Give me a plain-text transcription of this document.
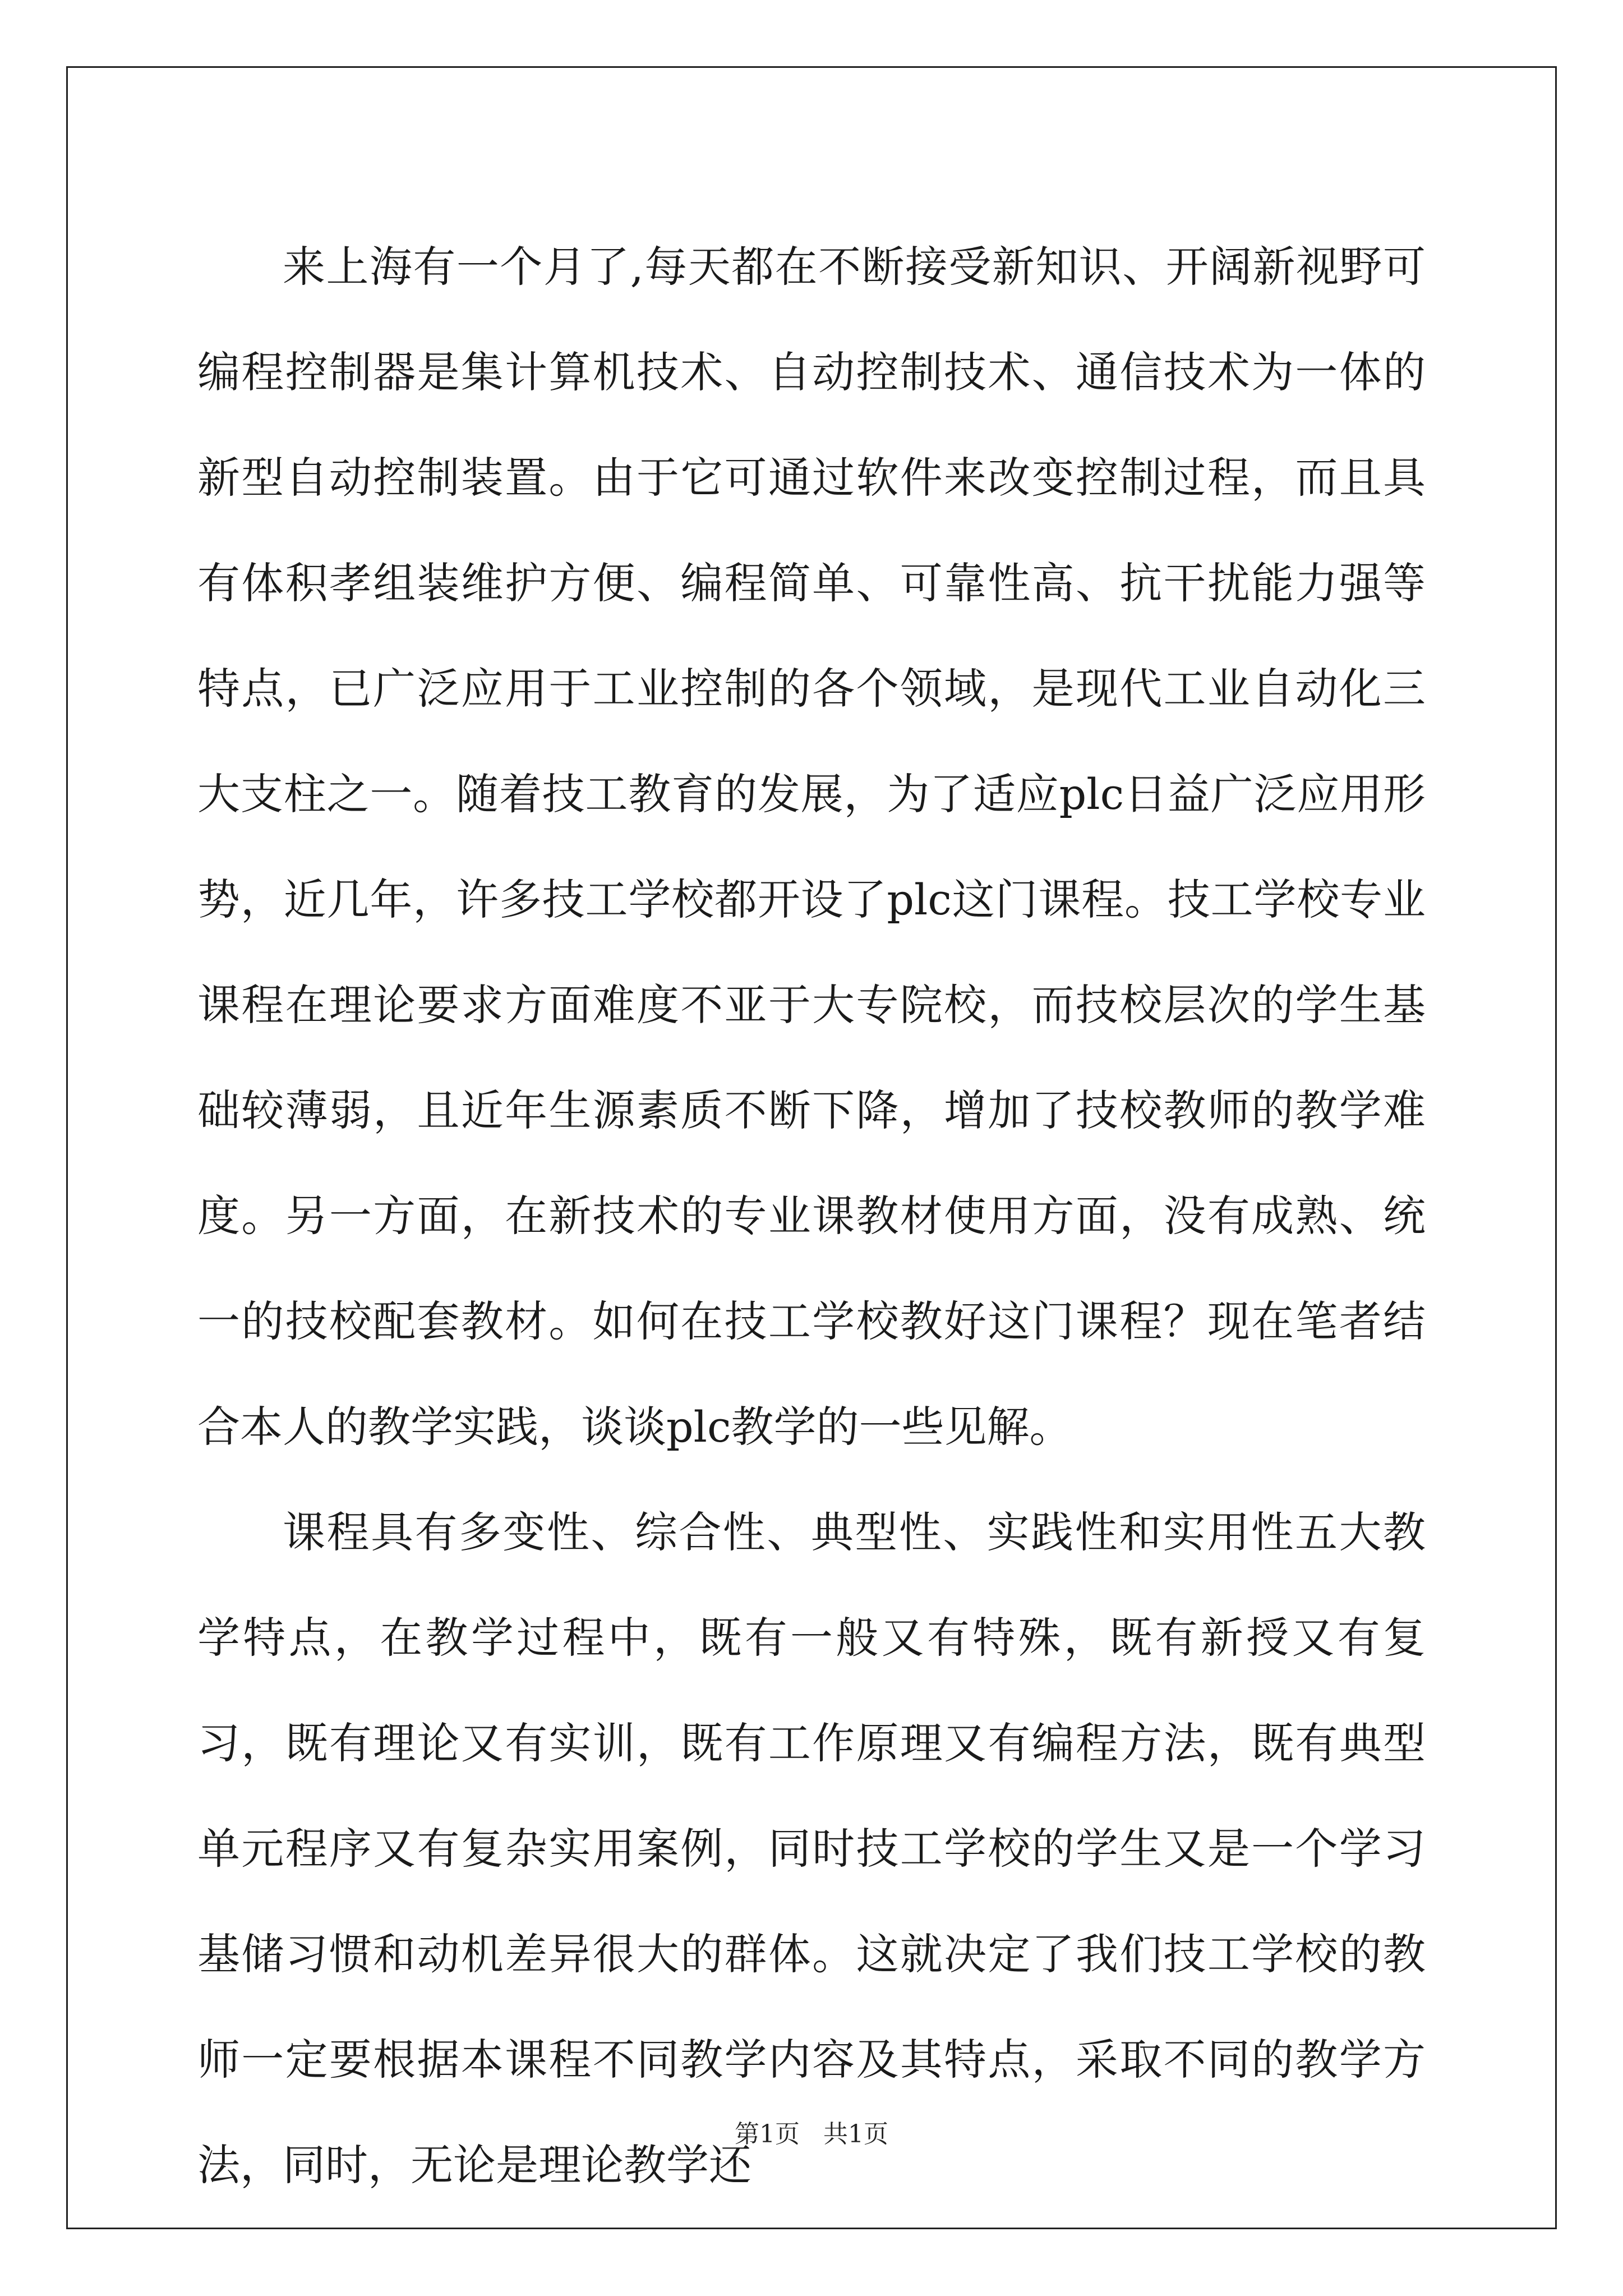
来上海有一个月了,每天都在不断接受新知识、开阔新视野可编程控制器是集计算机技术、自动控制技术、通信技术为一体的新型自动控制装置。由于它可通过软件来改变控制过程，而且具有体积孝组装维护方便、编程简单、可靠性高、抗干扰能力强等特点，已广泛应用于工业控制的各个领域，是现代工业自动化三大支柱之一。随着技工教育的发展，为了适应plc日益广泛应用形势，近几年，许多技工学校都开设了plc这门课程。技工学校专业课程在理论要求方面难度不亚于大专院校，而技校层次的学生基础较薄弱，且近年生源素质不断下降，增加了技校教师的教学难度。另一方面，在新技术的专业课教材使用方面，没有成熟、统一的技校配套教材。如何在技工学校教好这门课程？现在笔者结合本人的教学实践，谈谈plc教学的一些见解。

课程具有多变性、综合性、典型性、实践性和实用性五大教学特点，在教学过程中，既有一般又有特殊，既有新授又有复习，既有理论又有实训，既有工作原理又有编程方法，既有典型单元程序又有复杂实用案例，同时技工学校的学生又是一个学习基储习惯和动机差异很大的群体。这就决定了我们技工学校的教师一定要根据本课程不同教学内容及其特点，采取不同的教学方法，同时，无论是理论教学还

第1页 共1页
